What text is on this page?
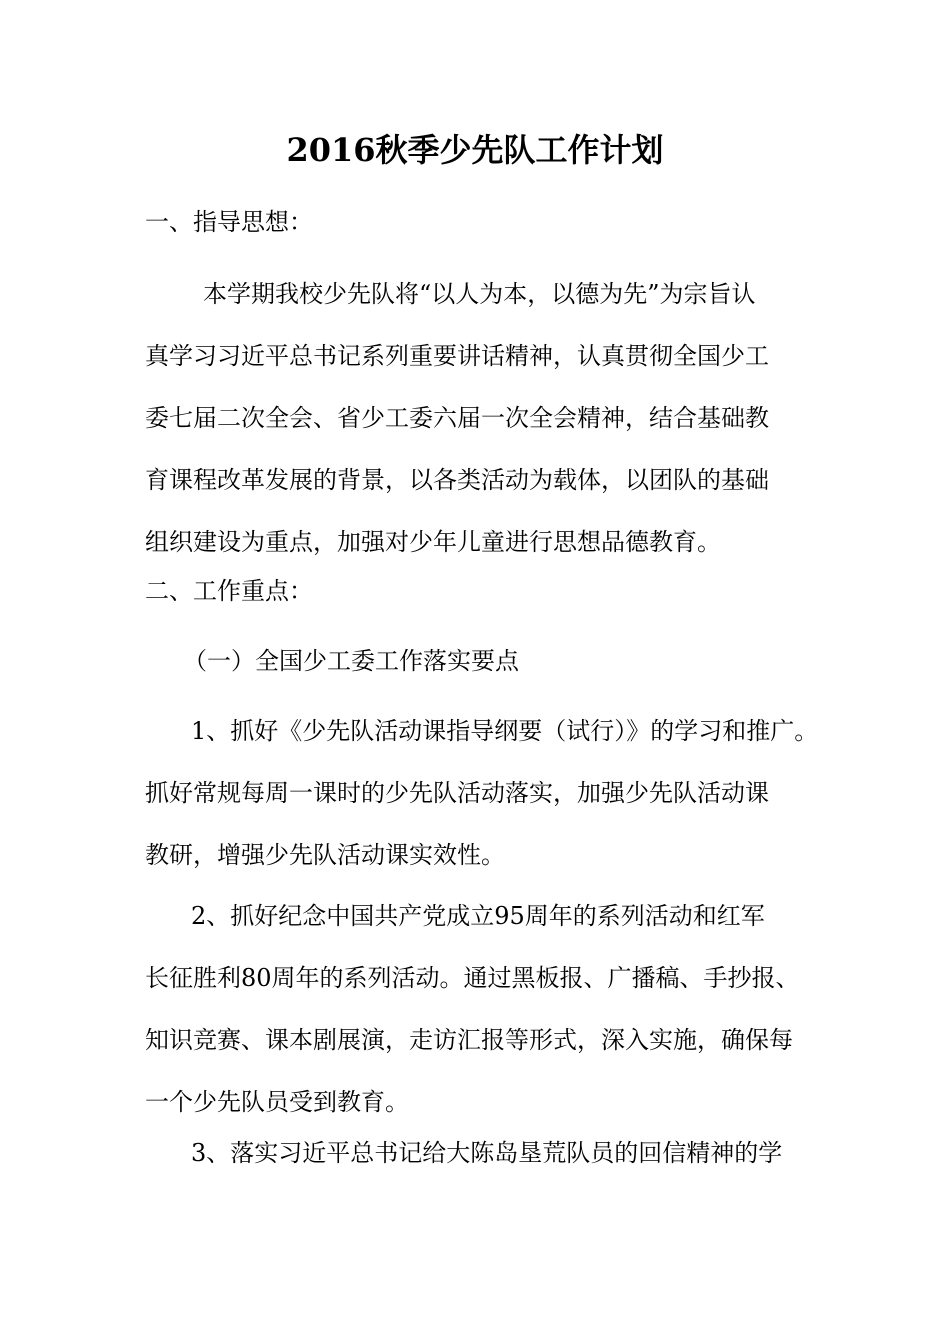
2016秋季少先队工作计划
一、指导思想：
本学期我校少先队将“以人为本，以德为先”为宗旨认
真学习习近平总书记系列重要讲话精神，认真贯彻全国少工
委七届二次全会、省少工委六届一次全会精神，结合基础教
育课程改革发展的背景，以各类活动为载体，以团队的基础
组织建设为重点，加强对少年儿童进行思想品德教育。
二、工作重点：
（一）全国少工委工作落实要点
1、抓好《少先队活动课指导纲要（试行）》的学习和推广。
抓好常规每周一课时的少先队活动落实，加强少先队活动课
教研，增强少先队活动课实效性。
2、抓好纪念中国共产党成立95周年的系列活动和红军
长征胜利80周年的系列活动。通过黑板报、广播稿、手抄报、
知识竞赛、课本剧展演，走访汇报等形式，深入实施，确保每
一个少先队员受到教育。
3、落实习近平总书记给大陈岛垦荒队员的回信精神的学
